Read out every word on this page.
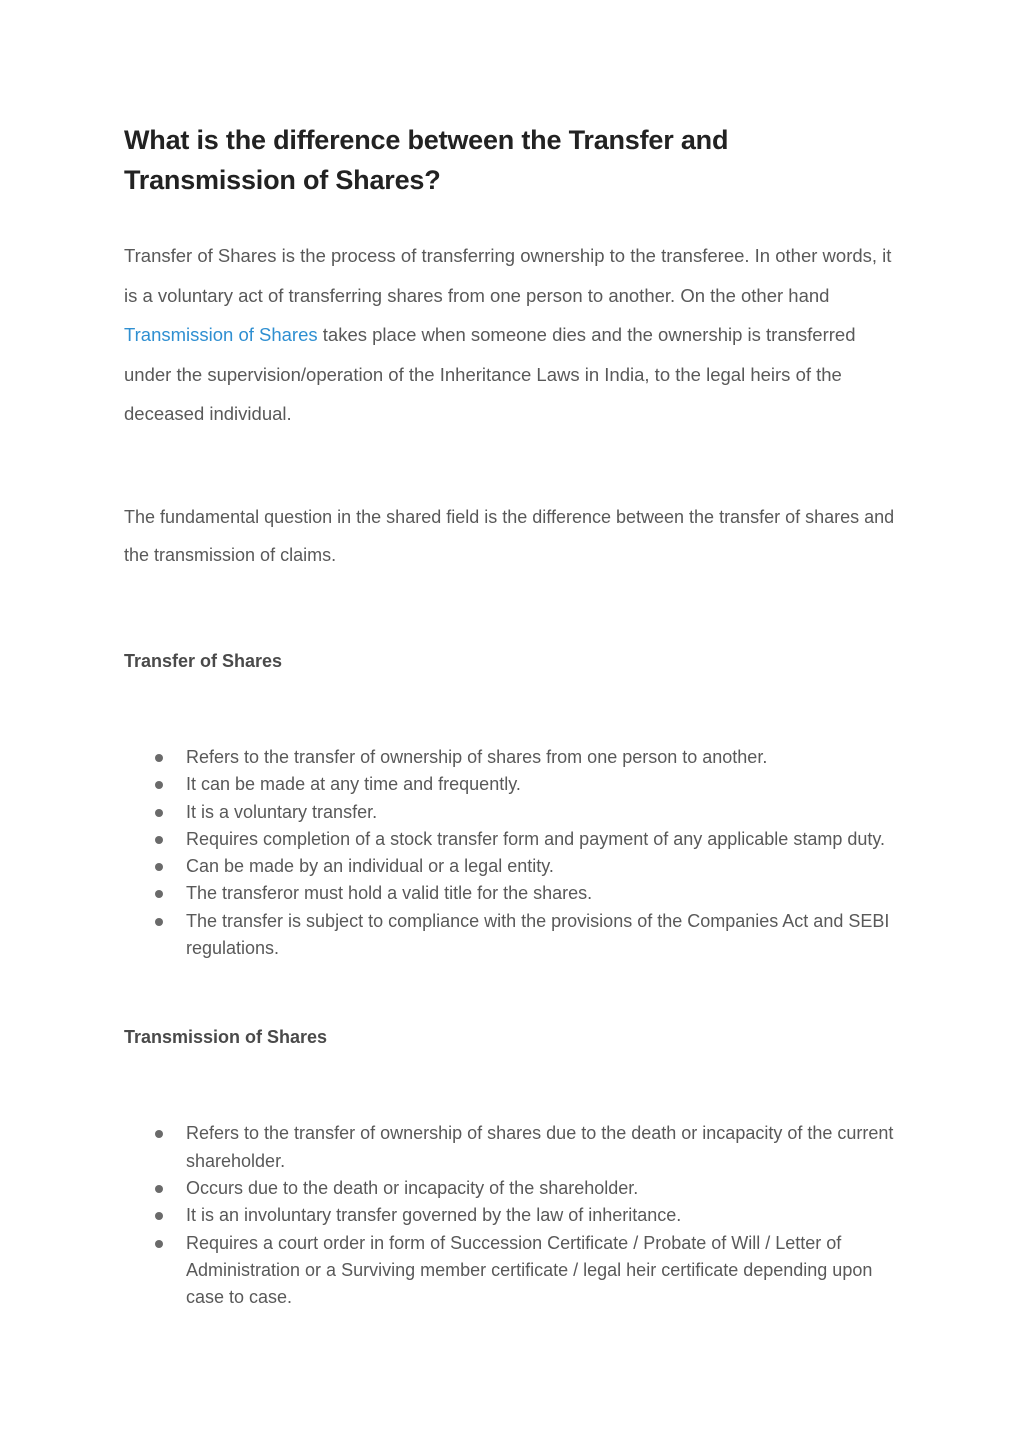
What is the difference between the Transfer and Transmission of Shares?

Transfer of Shares is the process of transferring ownership to the transferee. In other words, it is a voluntary act of transferring shares from one person to another. On the other hand Transmission of Shares takes place when someone dies and the ownership is transferred under the supervision/operation of the Inheritance Laws in India, to the legal heirs of the deceased individual.

The fundamental question in the shared field is the difference between the transfer of shares and the transmission of claims.

Transfer of Shares
Refers to the transfer of ownership of shares from one person to another.
It can be made at any time and frequently.
It is a voluntary transfer.
Requires completion of a stock transfer form and payment of any applicable stamp duty.
Can be made by an individual or a legal entity.
The transferor must hold a valid title for the shares.
The transfer is subject to compliance with the provisions of the Companies Act and SEBI regulations.
Transmission of Shares
Refers to the transfer of ownership of shares due to the death or incapacity of the current shareholder.
Occurs due to the death or incapacity of the shareholder.
It is an involuntary transfer governed by the law of inheritance.
Requires a court order in form of Succession Certificate / Probate of Will / Letter of Administration or a Surviving member certificate / legal heir certificate depending upon case to case.
